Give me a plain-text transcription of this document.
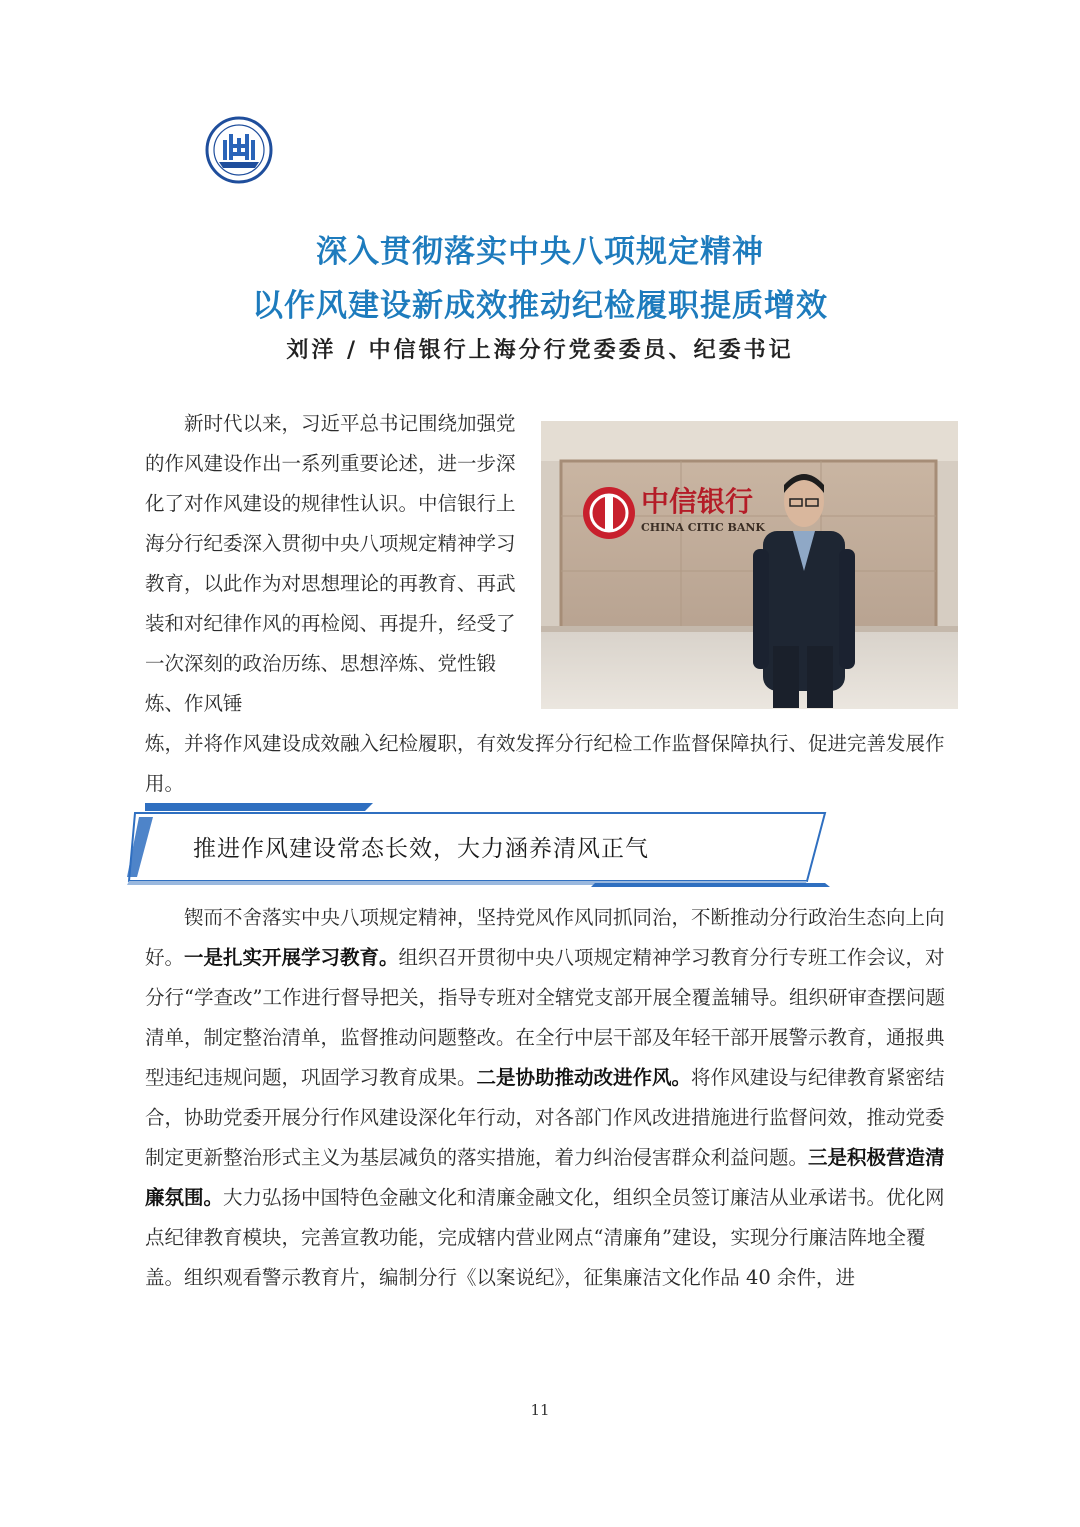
深入贯彻落实中央八项规定精神
以作风建设新成效推动纪检履职提质增效
刘洋 / 中信银行上海分行党委委员、纪委书记

新时代以来，习近平总书记围绕加强党的作风建设作出一系列重要论述，进一步深化了对作风建设的规律性认识。中信银行上海分行纪委深入贯彻中央八项规定精神学习教育，以此作为对思想理论的再教育、再武装和对纪律作风的再检阅、再提升，经受了一次深刻的政治历练、思想淬炼、党性锻炼、作风锤

中信银行
CHINA CITIC BANK

炼，并将作风建设成效融入纪检履职，有效发挥分行纪检工作监督保障执行、促进完善发展作用。

推进作风建设常态长效，大力涵养清风正气

锲而不舍落实中央八项规定精神，坚持党风作风同抓同治，不断推动分行政治生态向上向好。一是扎实开展学习教育。组织召开贯彻中央八项规定精神学习教育分行专班工作会议，对分行“学查改”工作进行督导把关，指导专班对全辖党支部开展全覆盖辅导。组织研审查摆问题清单，制定整治清单，监督推动问题整改。在全行中层干部及年轻干部开展警示教育，通报典型违纪违规问题，巩固学习教育成果。二是协助推动改进作风。将作风建设与纪律教育紧密结合，协助党委开展分行作风建设深化年行动，对各部门作风改进措施进行监督问效，推动党委制定更新整治形式主义为基层减负的落实措施，着力纠治侵害群众利益问题。三是积极营造清廉氛围。大力弘扬中国特色金融文化和清廉金融文化，组织全员签订廉洁从业承诺书。优化网点纪律教育模块，完善宣教功能，完成辖内营业网点“清廉角”建设，实现分行廉洁阵地全覆盖。组织观看警示教育片，编制分行《以案说纪》，征集廉洁文化作品 40 余件，进

11
